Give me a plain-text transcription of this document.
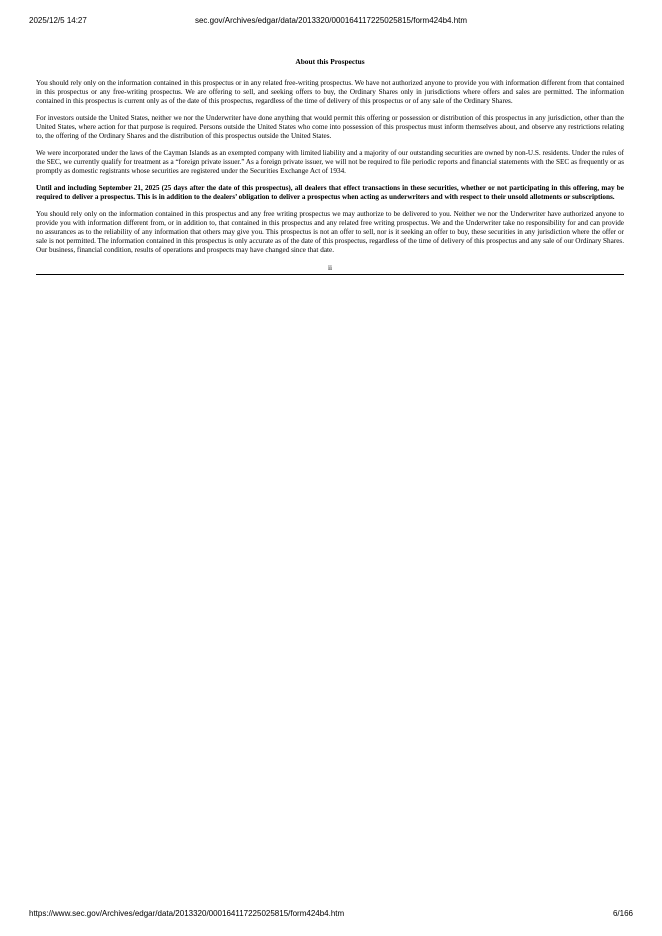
2025/12/5 14:27	sec.gov/Archives/edgar/data/2013320/000164117225025815/form424b4.htm
About this Prospectus

You should rely only on the information contained in this prospectus or in any related free-writing prospectus. We have not authorized anyone to provide you with information different from that contained in this prospectus or any free-writing prospectus. We are offering to sell, and seeking offers to buy, the Ordinary Shares only in jurisdictions where offers and sales are permitted. The information contained in this prospectus is current only as of the date of this prospectus, regardless of the time of delivery of this prospectus or of any sale of the Ordinary Shares.

For investors outside the United States, neither we nor the Underwriter have done anything that would permit this offering or possession or distribution of this prospectus in any jurisdiction, other than the United States, where action for that purpose is required. Persons outside the United States who come into possession of this prospectus must inform themselves about, and observe any restrictions relating to, the offering of the Ordinary Shares and the distribution of this prospectus outside the United States.

We were incorporated under the laws of the Cayman Islands as an exempted company with limited liability and a majority of our outstanding securities are owned by non-U.S. residents. Under the rules of the SEC, we currently qualify for treatment as a “foreign private issuer.” As a foreign private issuer, we will not be required to file periodic reports and financial statements with the SEC as frequently or as promptly as domestic registrants whose securities are registered under the Securities Exchange Act of 1934.

Until and including September 21, 2025 (25 days after the date of this prospectus), all dealers that effect transactions in these securities, whether or not participating in this offering, may be required to deliver a prospectus. This is in addition to the dealers’ obligation to deliver a prospectus when acting as underwriters and with respect to their unsold allotments or subscriptions.

You should rely only on the information contained in this prospectus and any free writing prospectus we may authorize to be delivered to you. Neither we nor the Underwriter have authorized anyone to provide you with information different from, or in addition to, that contained in this prospectus and any related free writing prospectus. We and the Underwriter take no responsibility for and can provide no assurances as to the reliability of any information that others may give you. This prospectus is not an offer to sell, nor is it seeking an offer to buy, these securities in any jurisdiction where the offer or sale is not permitted. The information contained in this prospectus is only accurate as of the date of this prospectus, regardless of the time of delivery of this prospectus and any sale of our Ordinary Shares. Our business, financial condition, results of operations and prospects may have changed since that date.

ii
https://www.sec.gov/Archives/edgar/data/2013320/000164117225025815/form424b4.htm	6/166
